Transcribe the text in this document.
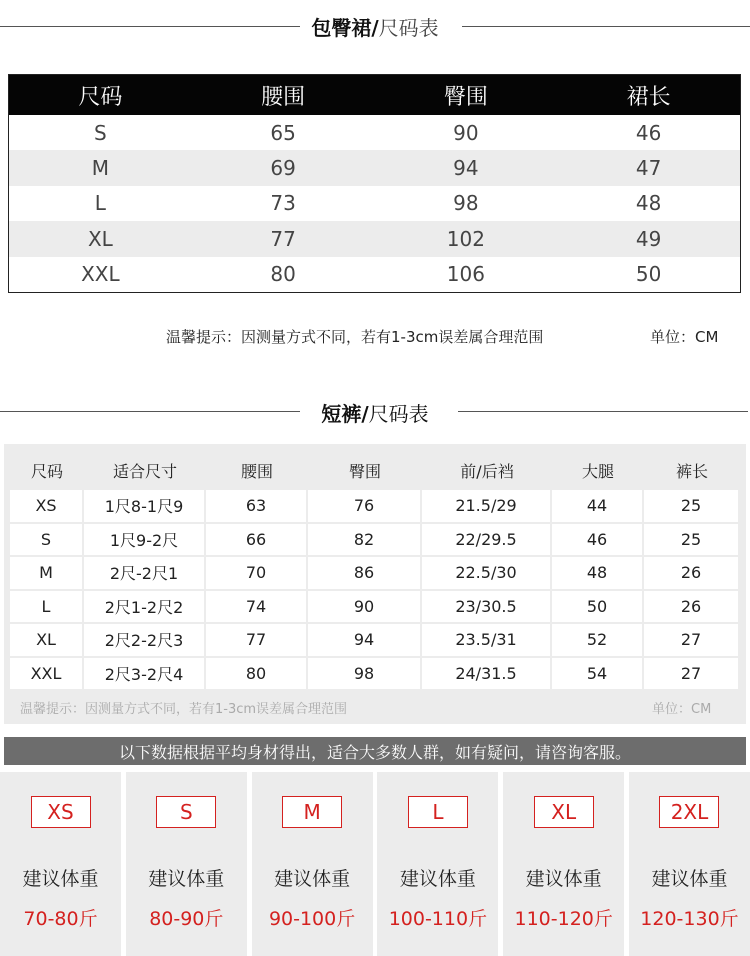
包臀裙/尺码表
尺码	腰围	臀围	裙长
S	65	90	46
M	69	94	47
L	73	98	48
XL	77	102	49
XXL	80	106	50
温馨提示：因测量方式不同，若有1-3cm误差属合理范围	单位：CM
短裤/尺码表
尺码	适合尺寸	腰围	臀围	前/后裆	大腿	裤长
XS	1尺8-1尺9	63	76	21.5/29	44	25
S	1尺9-2尺	66	82	22/29.5	46	25
M	2尺-2尺1	70	86	22.5/30	48	26
L	2尺1-2尺2	74	90	23/30.5	50	26
XL	2尺2-2尺3	77	94	23.5/31	52	27
XXL	2尺3-2尺4	80	98	24/31.5	54	27
温馨提示：因测量方式不同，若有1-3cm误差属合理范围	单位：CM
以下数据根据平均身材得出，适合大多数人群，如有疑问，请咨询客服。
XS
建议体重
70-80斤
S
建议体重
80-90斤
M
建议体重
90-100斤
L
建议体重
100-110斤
XL
建议体重
110-120斤
2XL
建议体重
120-130斤
